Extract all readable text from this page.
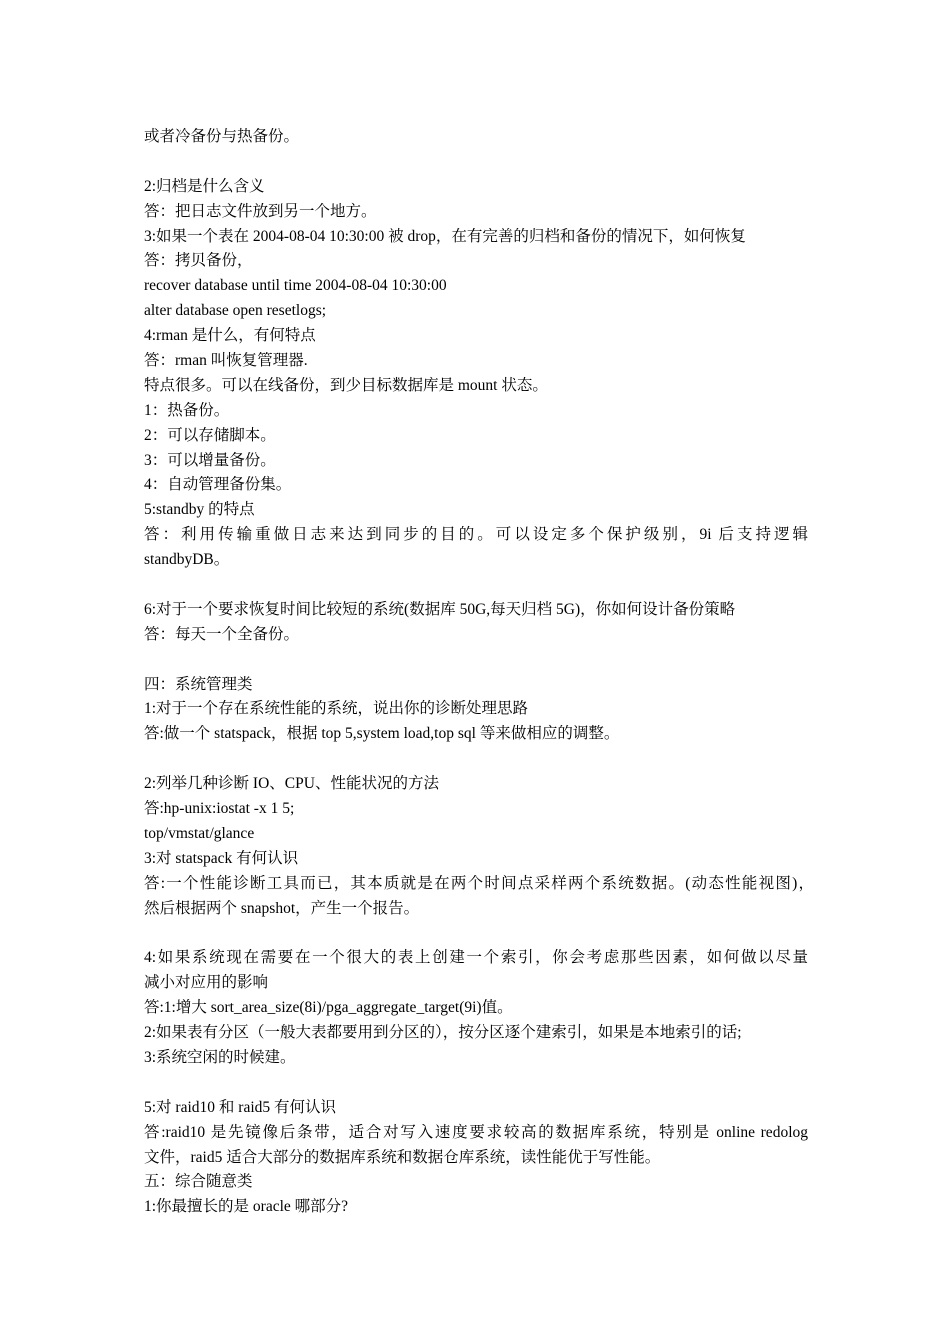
或者冷备份与热备份。
2:归档是什么含义
答：把日志文件放到另一个地方。
3:如果一个表在 2004-08-04 10:30:00 被 drop，在有完善的归档和备份的情况下，如何恢复
答：拷贝备份，
recover database until time 2004-08-04 10:30:00
alter database open resetlogs;
4:rman 是什么，有何特点
答：rman 叫恢复管理器.
特点很多。可以在线备份，到少目标数据库是 mount 状态。
1：热备份。
2：可以存储脚本。
3：可以增量备份。
4：自动管理备份集。
5:standby 的特点
答：利用传输重做日志来达到同步的目的。可以设定多个保护级别，9i 后支持逻辑
standbyDB。
6:对于一个要求恢复时间比较短的系统(数据库 50G,每天归档 5G)，你如何设计备份策略
答：每天一个全备份。
四：系统管理类
1:对于一个存在系统性能的系统，说出你的诊断处理思路
答:做一个 statspack，根据 top 5,system load,top sql 等来做相应的调整。
2:列举几种诊断 IO、CPU、性能状况的方法
答:hp-unix:iostat -x 1 5;
top/vmstat/glance
3:对 statspack 有何认识
答:一个性能诊断工具而已，其本质就是在两个时间点采样两个系统数据。(动态性能视图)，
然后根据两个 snapshot，产生一个报告。
4:如果系统现在需要在一个很大的表上创建一个索引，你会考虑那些因素，如何做以尽量
减小对应用的影响
答:1:增大 sort_area_size(8i)/pga_aggregate_target(9i)值。
2:如果表有分区（一般大表都要用到分区的），按分区逐个建索引，如果是本地索引的话;
3:系统空闲的时候建。
5:对 raid10 和 raid5 有何认识
答:raid10 是先镜像后条带，适合对写入速度要求较高的数据库系统，特别是 online redolog
文件，raid5 适合大部分的数据库系统和数据仓库系统，读性能优于写性能。
五：综合随意类
1:你最擅长的是 oracle 哪部分?
